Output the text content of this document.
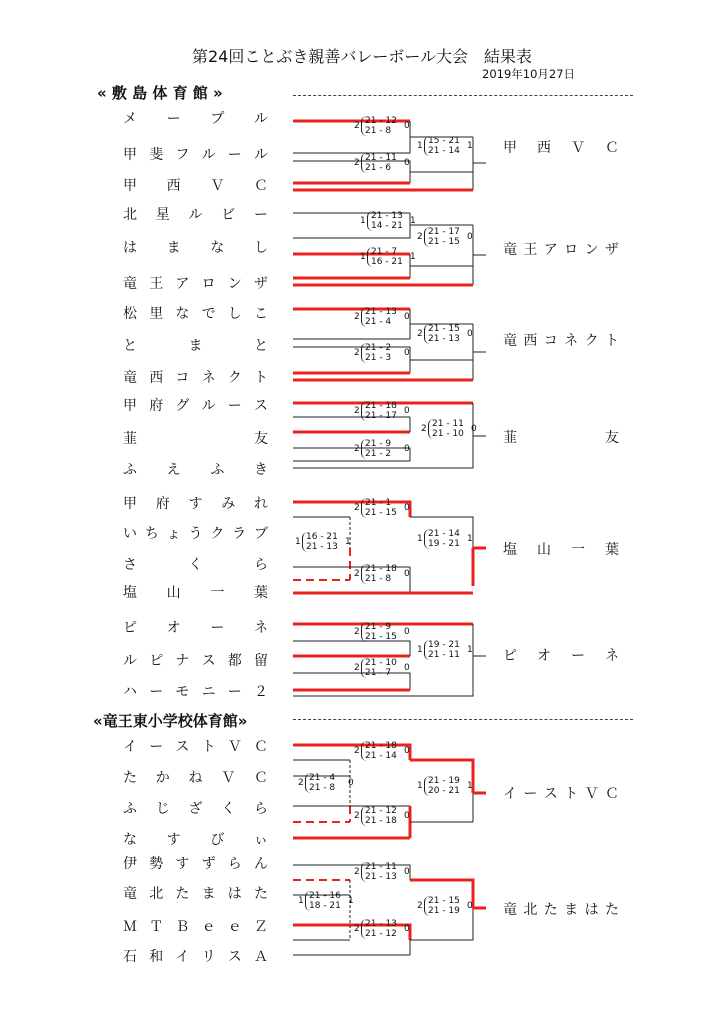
第24回ことぶき親善バレーボール大会　結果表
2019年10月27日
« 敷 島 体 育 館 »
«竜王東小学校体育館»
メ ー プ ル
甲 斐 フ ル ー ル
甲 西 Ｖ Ｃ
北 星 ル ビ ー
は ま な し
竜 王 ア ロ ン ザ
松 里 な で し こ
と	ま	と
竜 西 コ ネ ク ト
甲 府 グ ル ー ス
韮	友
ふ え ふ き
甲 府 す み れ
い ち ょ う ク ラ ブ
さ	く	ら
塩 山 一 葉
ピ オ ー ネ
ル ピ ナ ス 都 留
ハ ー モ ニ ー ２
イ ー ス ト Ｖ Ｃ
た か ね Ｖ Ｃ
ふ じ ざ く ら
な す び ぃ
伊 勢 す ず ら ん
竜 北 た ま は た
Ｍ Ｔ Ｂ ｅ ｅ Ｚ
石 和 イ リ ス Ａ
甲 西 Ｖ Ｃ
竜 王 ア ロ ン ザ
竜 西 コ ネ ク ト
韮	友
塩 山 一 葉
ピ オ ー ネ
イ ー ス ト Ｖ Ｃ
竜 北 た ま は た
2 21 - 12
21 - 8 0
2 21 - 11
21 - 6 0
1 15 - 21
21 - 14 1
1 21 - 13
14 - 21 1
1 21 - 7
16 - 21 1
2 21 - 17
21 - 15 0
2 21 - 13
21 - 4 0
2 21 - 2
21 - 3 0
2 21 - 15
21 - 13 0
2 21 - 18
21 - 17 0
2 21 - 9
21 - 2 0
2 21 - 11
21 - 10 0
2 21 - 1
21 - 15 0
1 16 - 21
21 - 13 1
2 21 - 18
21 - 8 0
1 21 - 14
19 - 21 1
2 21 - 9
21 - 15 0
2 21 - 10
21 - 7 0
1 19 - 21
21 - 11 1
2 21 - 18
21 - 14 0
2 21 - 4
21 - 8 0
2 21 - 12
21 - 18 0
1 21 - 19
20 - 21 1
2 21 - 11
21 - 13 0
1 21 - 16
18 - 21 1
2 21 - 13
21 - 12 0
2 21 - 15
21 - 19 0
